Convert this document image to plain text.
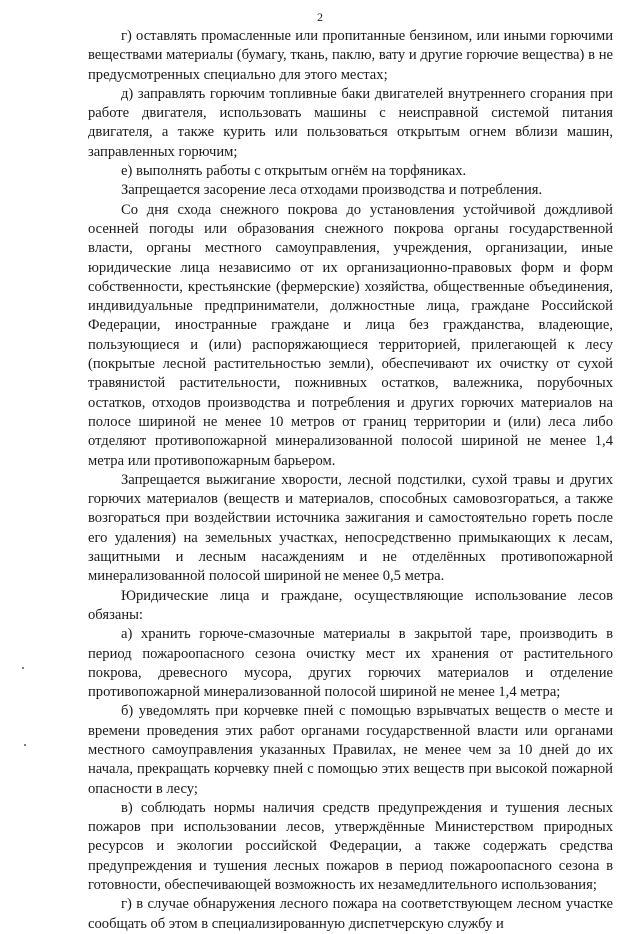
2

г) оставлять промасленные или пропитанные бензином, или иными горючими веществами материалы (бумагу, ткань, паклю, вату и другие горючие вещества) в не предусмотренных специально для этого местах;

д) заправлять горючим топливные баки двигателей внутреннего сгорания при работе двигателя, использовать машины с неисправной системой питания двигателя, а также курить или пользоваться открытым огнем вблизи машин, заправленных горючим;

е) выполнять работы с открытым огнём на торфяниках.

Запрещается засорение леса отходами производства и потребления.

Со дня схода снежного покрова до установления устойчивой дождливой осенней погоды или образования снежного покрова органы государственной власти, органы местного самоуправления, учреждения, организации, иные юридические лица независимо от их организационно-правовых форм и форм собственности, крестьянские (фермерские) хозяйства, общественные объединения, индивидуальные предприниматели, должностные лица, граждане Российской Федерации, иностранные граждане и лица без гражданства, владеющие, пользующиеся и (или) распоряжающиеся территорией, прилегающей к лесу (покрытые лесной растительностью земли), обеспечивают их очистку от сухой травянистой растительности, пожнивных остатков, валежника, порубочных остатков, отходов производства и потребления и других горючих материалов на полосе шириной не менее 10 метров от границ территории и (или) леса либо отделяют противопожарной минерализованной полосой шириной не менее 1,4 метра или противопожарным барьером.

Запрещается выжигание хворости, лесной подстилки, сухой травы и других горючих материалов (веществ и материалов, способных самовозгораться, а также возгораться при воздействии источника зажигания и самостоятельно гореть после его удаления) на земельных участках, непосредственно примыкающих к лесам, защитными и лесным насаждениям и не отделённых противопожарной минерализованной полосой шириной не менее 0,5 метра.

Юридические лица и граждане, осуществляющие использование лесов обязаны:

а) хранить горюче-смазочные материалы в закрытой таре, производить в период пожароопасного сезона очистку мест их хранения от растительного покрова, древесного мусора, других горючих материалов и отделение противопожарной минерализованной полосой шириной не менее 1,4 метра;

б) уведомлять при корчевке пней с помощью взрывчатых веществ о месте и времени проведения этих работ органами государственной власти или органами местного самоуправления указанных Правилах, не менее чем за 10 дней до их начала, прекращать корчевку пней с помощью этих веществ при высокой пожарной опасности в лесу;

в) соблюдать нормы наличия средств предупреждения и тушения лесных пожаров при использовании лесов, утверждённые Министерством природных ресурсов и экологии российской Федерации, а также содержать средства предупреждения и тушения лесных пожаров в период пожароопасного сезона в готовности, обеспечивающей возможность их незамедлительного использования;

г) в случае обнаружения лесного пожара на соответствующем лесном участке сообщать об этом в специализированную диспетчерскую службу и
